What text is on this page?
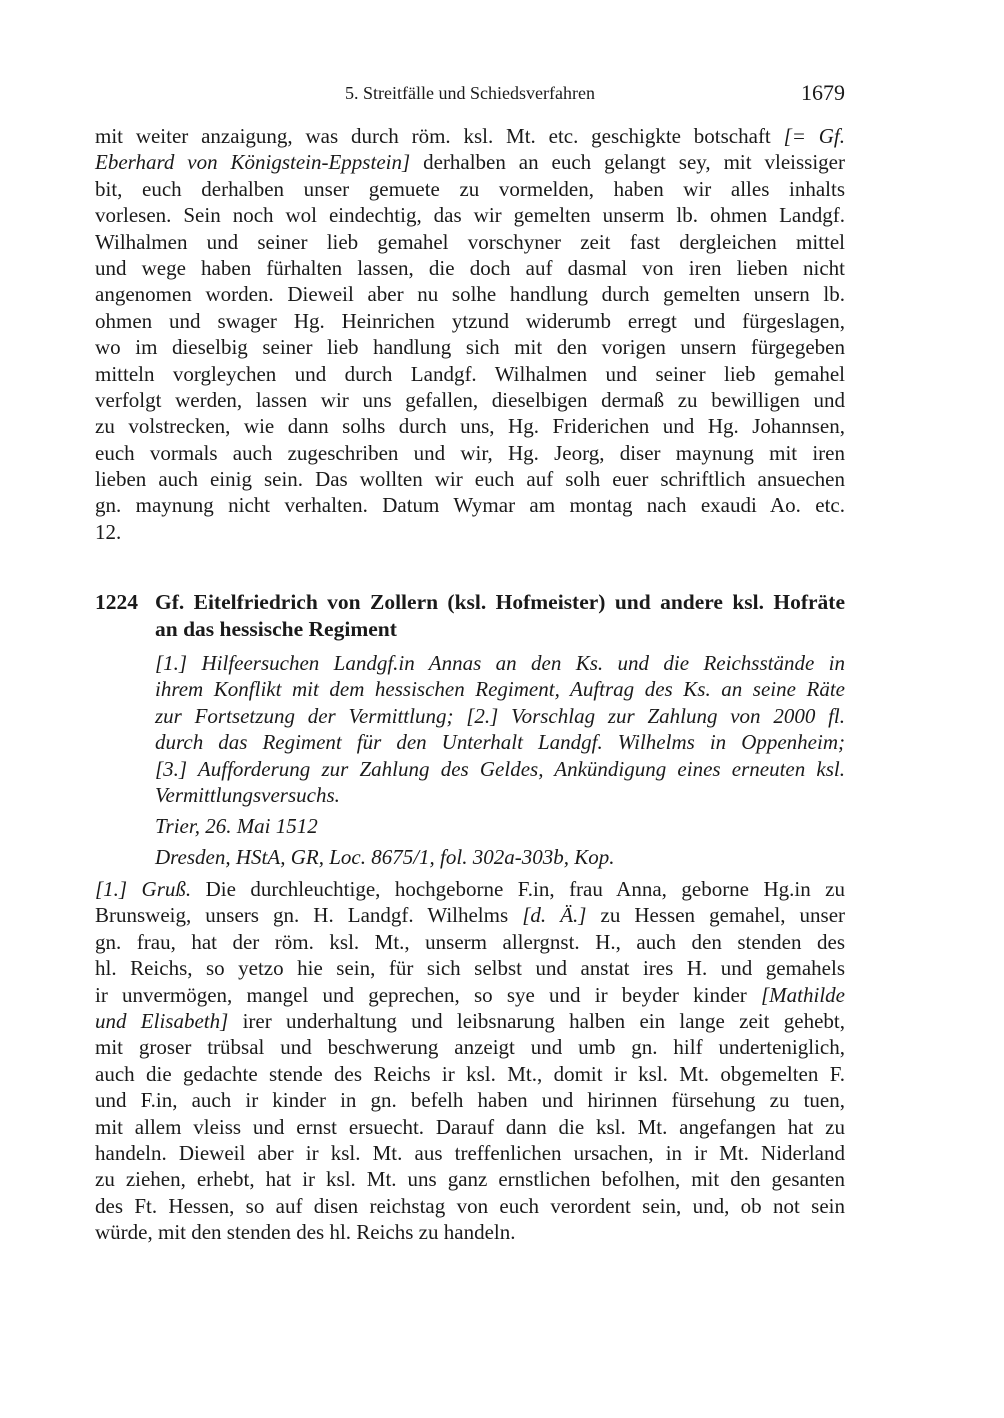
5. Streitfälle und Schiedsverfahren	1679
mit weiter anzaigung, was durch röm. ksl. Mt. etc. geschigkte botschaft [= Gf.
Eberhard von Königstein-Eppstein] derhalben an euch gelangt sey, mit vleissiger
bit, euch derhalben unser gemuete zu vormelden, haben wir alles inhalts
vorlesen. Sein noch wol eindechtig, das wir gemelten unserm lb. ohmen Landgf.
Wilhalmen und seiner lieb gemahel vorschyner zeit fast dergleichen mittel
und wege haben fürhalten lassen, die doch auf dasmal von iren lieben nicht
angenomen worden. Dieweil aber nu solhe handlung durch gemelten unsern lb.
ohmen und swager Hg. Heinrichen ytzund widerumb erregt und fürgeslagen,
wo im dieselbig seiner lieb handlung sich mit den vorigen unsern fürgegeben
mitteln vorgleychen und durch Landgf. Wilhalmen und seiner lieb gemahel
verfolgt werden, lassen wir uns gefallen, dieselbigen dermaß zu bewilligen und
zu volstrecken, wie dann solhs durch uns, Hg. Friderichen und Hg. Johannsen,
euch vormals auch zugeschriben und wir, Hg. Jeorg, diser maynung mit iren
lieben auch einig sein. Das wollten wir euch auf solh euer schriftlich ansuechen
gn. maynung nicht verhalten. Datum Wymar am montag nach exaudi Ao. etc.
12.
1224 Gf. Eitelfriedrich von Zollern (ksl. Hofmeister) und andere ksl. Hofräte
an das hessische Regiment
[1.] Hilfeersuchen Landgf.in Annas an den Ks. und die Reichsstände in
ihrem Konflikt mit dem hessischen Regiment, Auftrag des Ks. an seine Räte
zur Fortsetzung der Vermittlung; [2.] Vorschlag zur Zahlung von 2000 fl.
durch das Regiment für den Unterhalt Landgf. Wilhelms in Oppenheim;
[3.] Aufforderung zur Zahlung des Geldes, Ankündigung eines erneuten ksl.
Vermittlungsversuchs.
Trier, 26. Mai 1512
Dresden, HStA, GR, Loc. 8675/1, fol. 302a-303b, Kop.
[1.] Gruß. Die durchleuchtige, hochgeborne F.in, frau Anna, geborne Hg.in zu
Brunsweig, unsers gn. H. Landgf. Wilhelms [d. Ä.] zu Hessen gemahel, unser
gn. frau, hat der röm. ksl. Mt., unserm allergnst. H., auch den stenden des
hl. Reichs, so yetzo hie sein, für sich selbst und anstat ires H. und gemahels
ir unvermögen, mangel und geprechen, so sye und ir beyder kinder [Mathilde
und Elisabeth] irer underhaltung und leibsnarung halben ein lange zeit gehebt,
mit groser trübsal und beschwerung anzeigt und umb gn. hilf underteniglich,
auch die gedachte stende des Reichs ir ksl. Mt., domit ir ksl. Mt. obgemelten F.
und F.in, auch ir kinder in gn. befelh haben und hirinnen fürsehung zu tuen,
mit allem vleiss und ernst ersuecht. Darauf dann die ksl. Mt. angefangen hat zu
handeln. Dieweil aber ir ksl. Mt. aus treffenlichen ursachen, in ir Mt. Niderland
zu ziehen, erhebt, hat ir ksl. Mt. uns ganz ernstlichen befolhen, mit den gesanten
des Ft. Hessen, so auf disen reichstag von euch verordent sein, und, ob not sein
würde, mit den stenden des hl. Reichs zu handeln.
